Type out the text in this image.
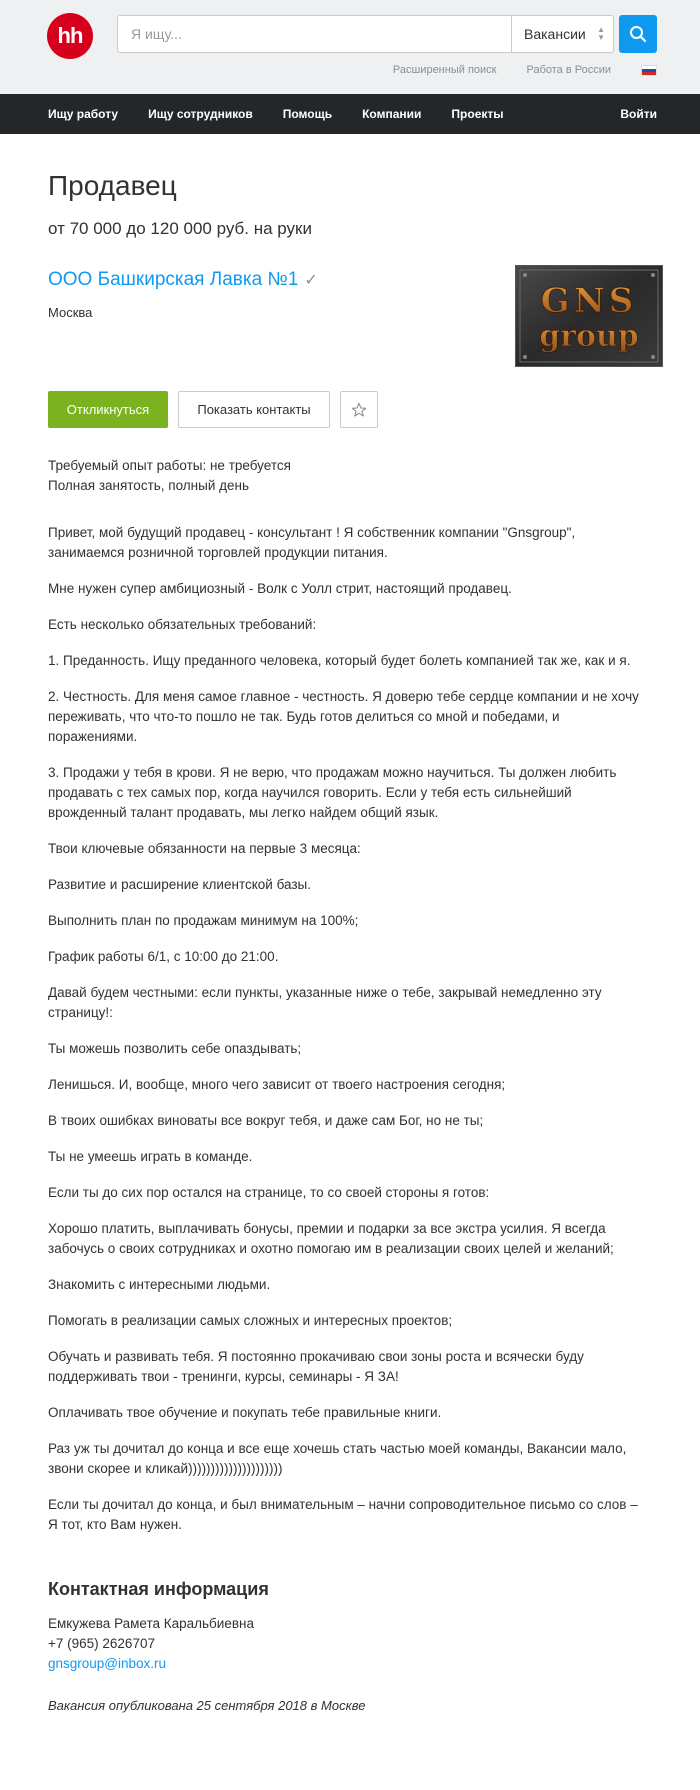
hh
Я ищу...	Вакансии ▲
▼
Расширенный поиск	Работа в России
Ищу работу	Ищу сотрудников	Помощь	Компании	Проекты	Войти
Продавец
от 70 000 до 120 000 руб. на руки
ООО Башкирская Лавка №1 ✓
Москва	GNS
group
Откликнуться	Показать контакты
Требуемый опыт работы: не требуется
Полная занятость, полный день

Привет, мой будущий продавец - консультант ! Я собственник компании "Gnsgroup", занимаемся розничной торговлей продукции питания.

Мне нужен супер амбициозный - Волк с Уолл стрит, настоящий продавец.

Есть несколько обязательных требований:

1. Преданность. Ищу преданного человека, который будет болеть компанией так же, как и я.

2. Честность. Для меня самое главное - честность. Я доверю тебе сердце компании и не хочу переживать, что что-то пошло не так. Будь готов делиться со мной и победами, и поражениями.

3. Продажи у тебя в крови. Я не верю, что продажам можно научиться. Ты должен любить продавать с тех самых пор, когда научился говорить. Если у тебя есть сильнейший врожденный талант продавать, мы легко найдем общий язык.

Твои ключевые обязанности на первые 3 месяца:

Развитие и расширение клиентской базы.

Выполнить план по продажам минимум на 100%;

График работы 6/1, с 10:00 до 21:00.

Давай будем честными: если пункты, указанные ниже о тебе, закрывай немедленно эту страницу!:

Ты можешь позволить себе опаздывать;

Ленишься. И, вообще, много чего зависит от твоего настроения сегодня;

В твоих ошибках виноваты все вокруг тебя, и даже сам Бог, но не ты;

Ты не умеешь играть в команде.

Если ты до сих пор остался на странице, то со своей стороны я готов:

Хорошо платить, выплачивать бонусы, премии и подарки за все экстра усилия. Я всегда забочусь о своих сотрудниках и охотно помогаю им в реализации своих целей и желаний;

Знакомить с интересными людьми.

Помогать в реализации самых сложных и интересных проектов;

Обучать и развивать тебя. Я постоянно прокачиваю свои зоны роста и всячески буду поддерживать твои - тренинги, курсы, семинары - Я ЗА!

Оплачивать твое обучение и покупать тебе правильные книги.

Раз уж ты дочитал до конца и все еще хочешь стать частью моей команды, Вакансии мало, звони скорее и кликай)))))))))))))))))))))

Если ты дочитал до конца, и был внимательным – начни сопроводительное письмо со слов – Я тот, кто Вам нужен.

Контактная информация
Емкужева Рамета Каральбиевна
+7 (965) 2626707
gnsgroup@inbox.ru
Вакансия опубликована 25 сентября 2018 в Москве
